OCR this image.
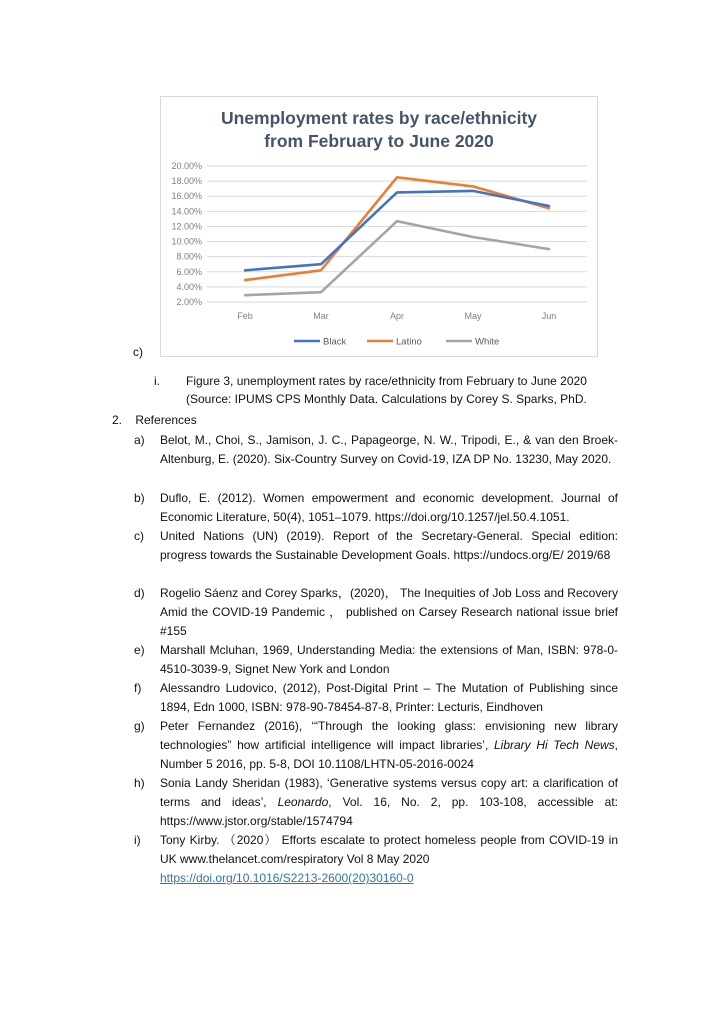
Unemployment rates by race/ethnicity
from February to June 2020
2.00%
4.00%
6.00%
8.00%
10.00%
12.00%
14.00%
16.00%
18.00%
20.00%
Feb	Mar	Apr	May	Jun
Black	Latino	White
c)
i. Figure 3, unemployment rates by race/ethnicity from February to June 2020 (Source: IPUMS CPS Monthly Data. Calculations by Corey S. Sparks, PhD.
2. References
a) Belot, M., Choi, S., Jamison, J. C., Papageorge, N. W., Tripodi, E., & van den Broek-Altenburg, E. (2020). Six-Country Survey on Covid-19, IZA DP No. 13230, May 2020.
b) Duflo, E. (2012). Women empowerment and economic development. Journal of Economic Literature, 50(4), 1051–1079. https://doi.org/10.1257/jel.50.4.1051.
c) United Nations (UN) (2019). Report of the Secretary-General. Special edition: progress towards the Sustainable Development Goals. https://undocs.org/E/ 2019/68
d) Rogelio Sáenz and Corey Sparks，(2020)， The Inequities of Job Loss and Recovery Amid the COVID-19 Pandemic ， published on Carsey Research national issue brief #155
e) Marshall Mcluhan, 1969, Understanding Media: the extensions of Man, ISBN: 978-0-4510-3039-9, Signet New York and London
f) Alessandro Ludovico, (2012), Post-Digital Print – The Mutation of Publishing since 1894, Edn 1000, ISBN: 978-90-78454-87-8, Printer: Lecturis, Eindhoven
g) Peter Fernandez (2016), ‘“Through the looking glass: envisioning new library technologies” how artificial intelligence will impact libraries’, Library Hi Tech News, Number 5 2016, pp. 5-8, DOI 10.1108/LHTN-05-2016-0024
h) Sonia Landy Sheridan (1983), ‘Generative systems versus copy art: a clarification of terms and ideas’, Leonardo, Vol. 16, No. 2, pp. 103-108, accessible at: https://www.jstor.org/stable/1574794
i) Tony Kirby. （2020） Efforts escalate to protect homeless people from COVID-19 in UK www.thelancet.com/respiratory Vol 8 May 2020
https://doi.org/10.1016/S2213-2600(20)30160-0
